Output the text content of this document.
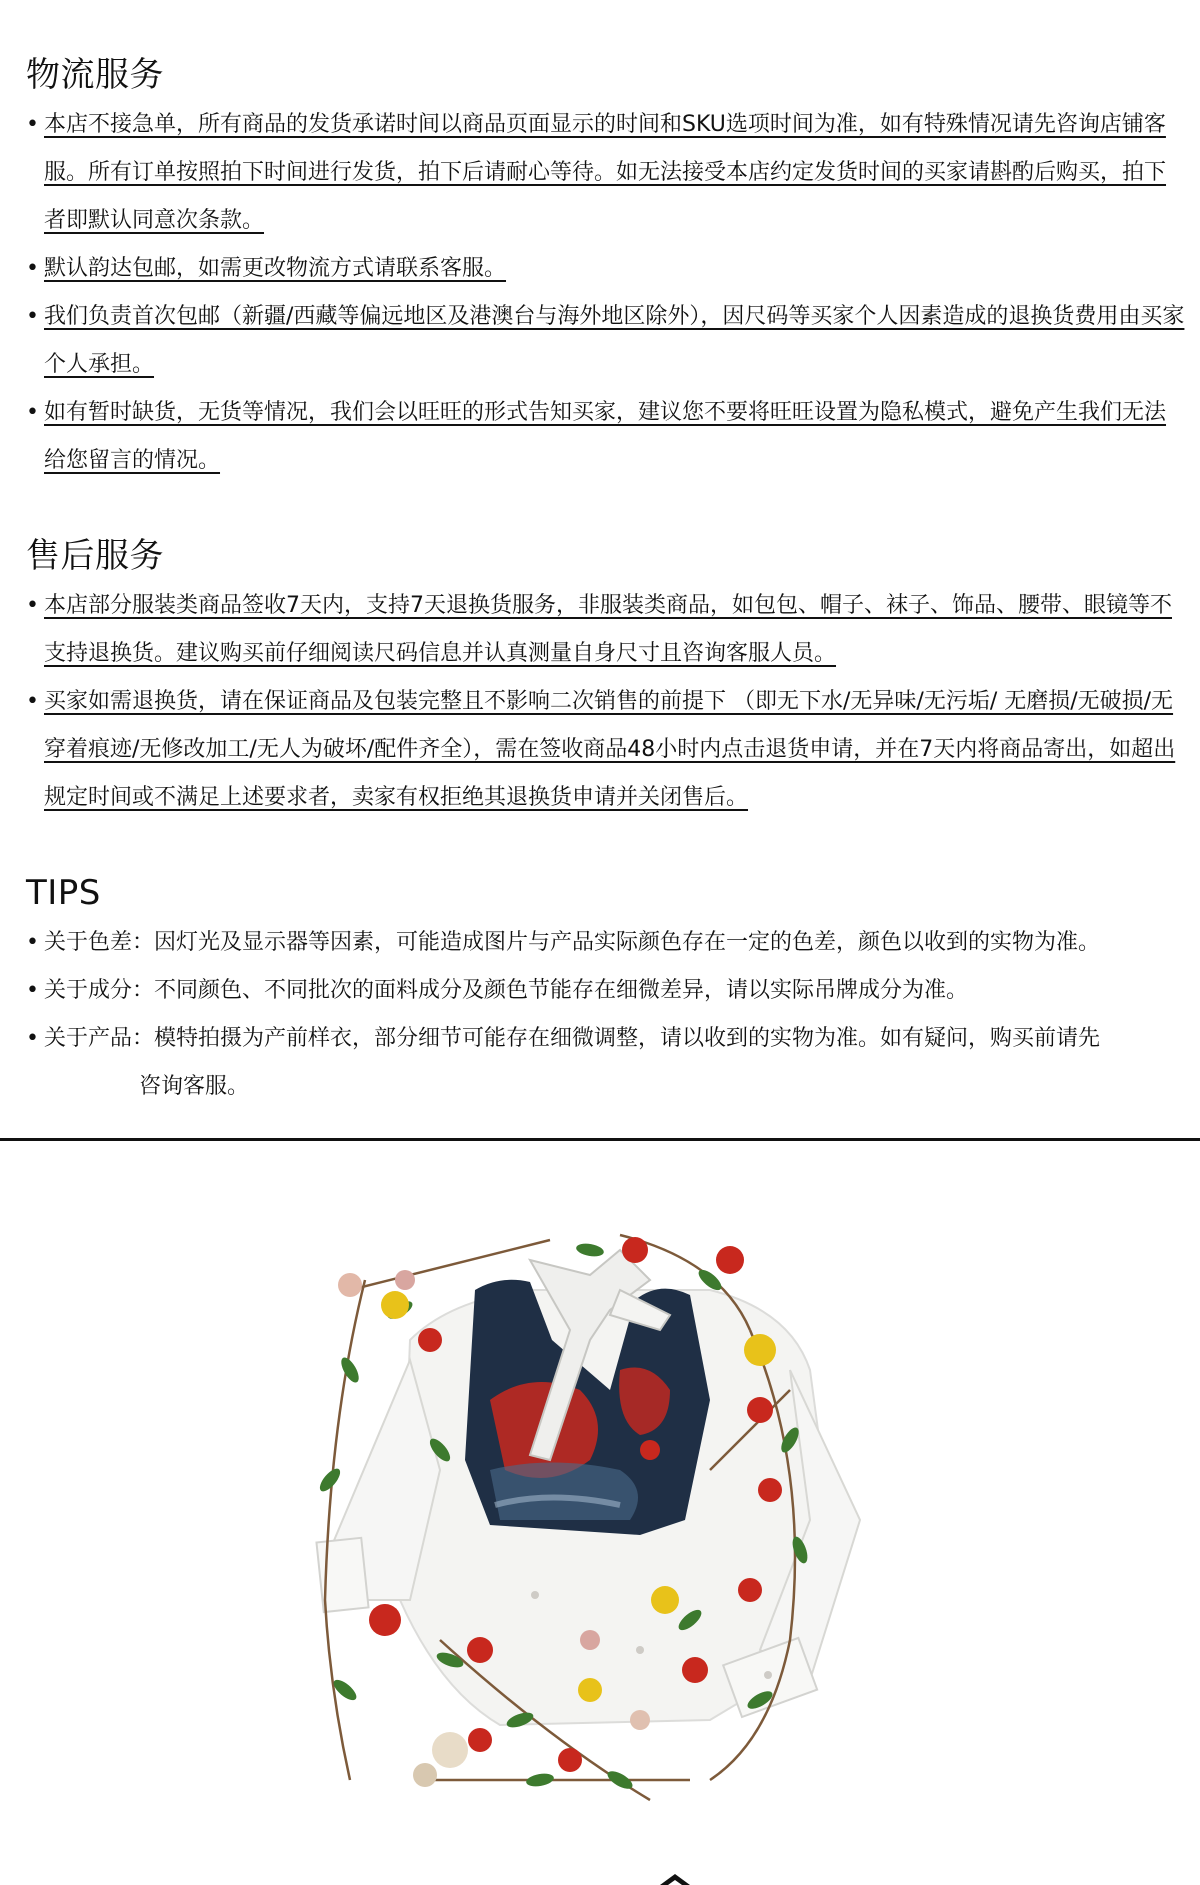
物流服务

• 本店不接急单，所有商品的发货承诺时间以商品页面显示的时间和SKU选项时间为准，如有特殊情况请先咨询店铺客服。所有订单按照拍下时间进行发货，拍下后请耐心等待。如无法接受本店约定发货时间的买家请斟酌后购买，拍下者即默认同意次条款。

• 默认韵达包邮，如需更改物流方式请联系客服。

• 我们负责首次包邮（新疆/西藏等偏远地区及港澳台与海外地区除外），因尺码等买家个人因素造成的退换货费用由买家个人承担。

• 如有暂时缺货，无货等情况，我们会以旺旺的形式告知买家，建议您不要将旺旺设置为隐私模式，避免产生我们无法给您留言的情况。

售后服务

• 本店部分服装类商品签收7天内，支持7天退换货服务，非服装类商品，如包包、帽子、袜子、饰品、腰带、眼镜等不支持退换货。建议购买前仔细阅读尺码信息并认真测量自身尺寸且咨询客服人员。

• 买家如需退换货，请在保证商品及包装完整且不影响二次销售的前提下 （即无下水/无异味/无污垢/ 无磨损/无破损/无穿着痕迹/无修改加工/无人为破坏/配件齐全），需在签收商品48小时内点击退货申请，并在7天内将商品寄出，如超出规定时间或不满足上述要求者，卖家有权拒绝其退换货申请并关闭售后。

TIPS

• 关于色差：因灯光及显示器等因素，可能造成图片与产品实际颜色存在一定的色差，颜色以收到的实物为准。

• 关于成分：不同颜色、不同批次的面料成分及颜色节能存在细微差异，请以实际吊牌成分为准。

• 关于产品：模特拍摄为产前样衣，部分细节可能存在细微调整，请以收到的实物为准。如有疑问，购买前请先
咨询客服。
